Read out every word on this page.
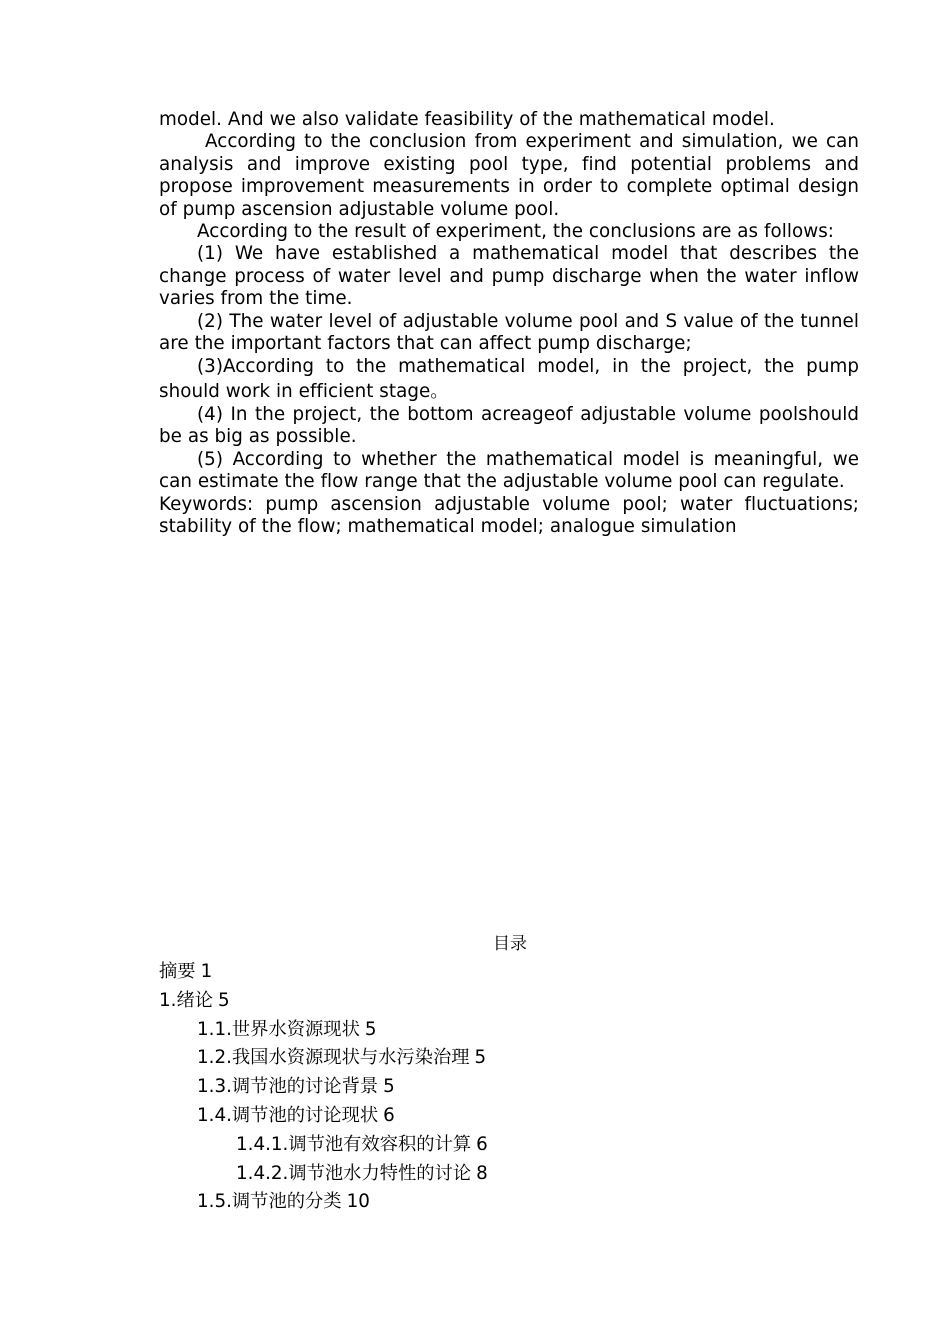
model. And we also validate feasibility of the mathematical model.

According to the conclusion from experiment and simulation, we can analysis and improve existing pool type, find potential problems and propose improvement measurements in order to complete optimal design of pump ascension adjustable volume pool.

According to the result of experiment, the conclusions are as follows:

(1) We have established a mathematical model that describes the change process of water level and pump discharge when the water inflow varies from the time.

(2) The water level of adjustable volume pool and S value of the tunnel are the important factors that can affect pump discharge;

(3)According to the mathematical model, in the project, the pump should work in efficient stage。

(4) In the project, the bottom acreageof adjustable volume poolshould be as big as possible.

(5) According to whether the mathematical model is meaningful, we can estimate the flow range that the adjustable volume pool can regulate.

Keywords: pump ascension adjustable volume pool; water fluctuations; stability of the flow; mathematical model; analogue simulation

目录
摘要 1
1.绪论 5
1.1.世界水资源现状 5
1.2.我国水资源现状与水污染治理 5
1.3.调节池的讨论背景 5
1.4.调节池的讨论现状 6
1.4.1.调节池有效容积的计算 6
1.4.2.调节池水力特性的讨论 8
1.5.调节池的分类 10
